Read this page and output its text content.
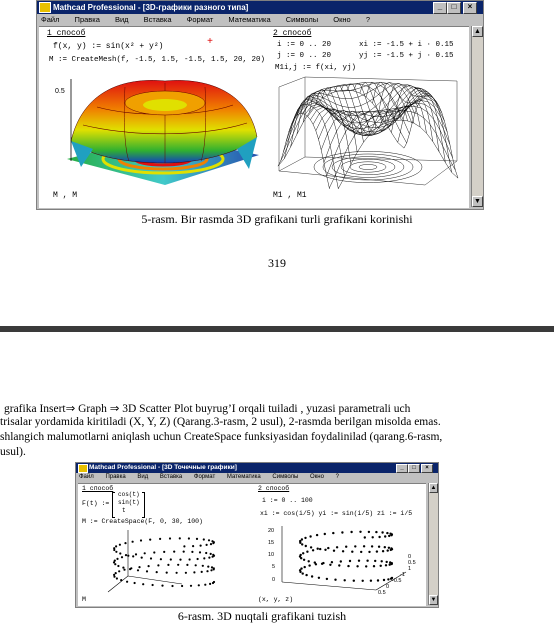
Mathcad Professional - [3D-графики разного типа]	_	□	×
Файл Правка Вид Вставка Формат Математика Символы Окно ?
1 способ
f(x, y) := sin(x² + y²)
M := CreateMesh(f, -1.5, 1.5, -1.5, 1.5, 20, 20)
+
0.5
M , M
2 способ
i := 0 .. 20	xi := -1.5 + i · 0.15
j := 0 .. 20	yj := -1.5 + j · 0.15
M1i,j := f(xi, yj)
M1 , M1
▲
▼
5-rasm. Bir rasmda 3D grafikani turli grafikani korinishi
319
grafika Insert⇒ Graph ⇒ 3D Scatter Plot buyrug’I orqali tuiladi , yuzasi parametrali uch
trisalar yordamida kiritiladi (X, Y, Z) (Qarang.3-rasm, 2 usul), 2-rasmda berilgan misolda emas.
shlangich malumotlarni aniqlash uchun CreateSpace funksiyasidan foydalinilad (qarang.6-rasm,
usul).
Mathcad Professional - [3D Точечные графики]	_	□	×
Файл Правка Вид Вставка Формат Математика Символы Окно ?
1 способ
F(t) :=
cos(t)
sin(t)
t
M := CreateSpace(F, 0, 30, 100)
M
2 способ
i := 0 .. 100
xi := cos(i/5) yi := sin(i/5) zi := i/5
20
15
10
5
0
0.5
0
-0.5
-1
1
0.5
0
(x, y, z)
▲
▼
6-rasm. 3D nuqtali grafikani tuzish
